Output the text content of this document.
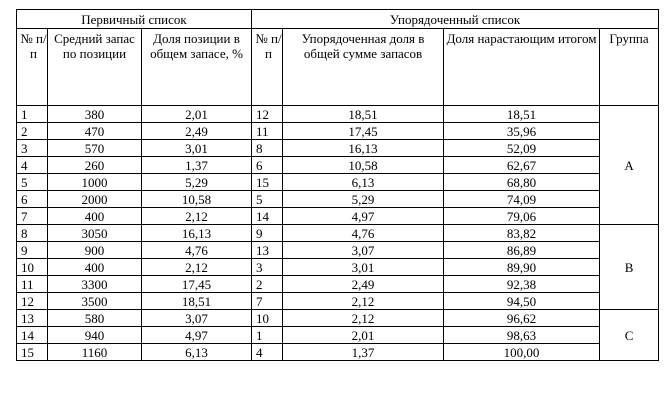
Первичный список			Упорядоченный список			
№ п/п	Средний запас по позиции	Доля позиции в общем запасе, %	№ п/п	Упорядоченная доля в общей сумме запасов	Доля нарастающим итогом	Группа
1	380	2,01	12	18,51	18,51	А
2	470	2,49	11	17,45	35,96	
3	570	3,01	8	16,13	52,09	
4	260	1,37	6	10,58	62,67	
5	1000	5,29	15	6,13	68,80	
6	2000	10,58	5	5,29	74,09	
7	400	2,12	14	4,97	79,06	
8	3050	16,13	9	4,76	83,82	В
9	900	4,76	13	3,07	86,89	
10	400	2,12	3	3,01	89,90	
11	3300	17,45	2	2,49	92,38	
12	3500	18,51	7	2,12	94,50	
13	580	3,07	10	2,12	96,62	С
14	940	4,97	1	2,01	98,63	
15	1160	6,13	4	1,37	100,00	
